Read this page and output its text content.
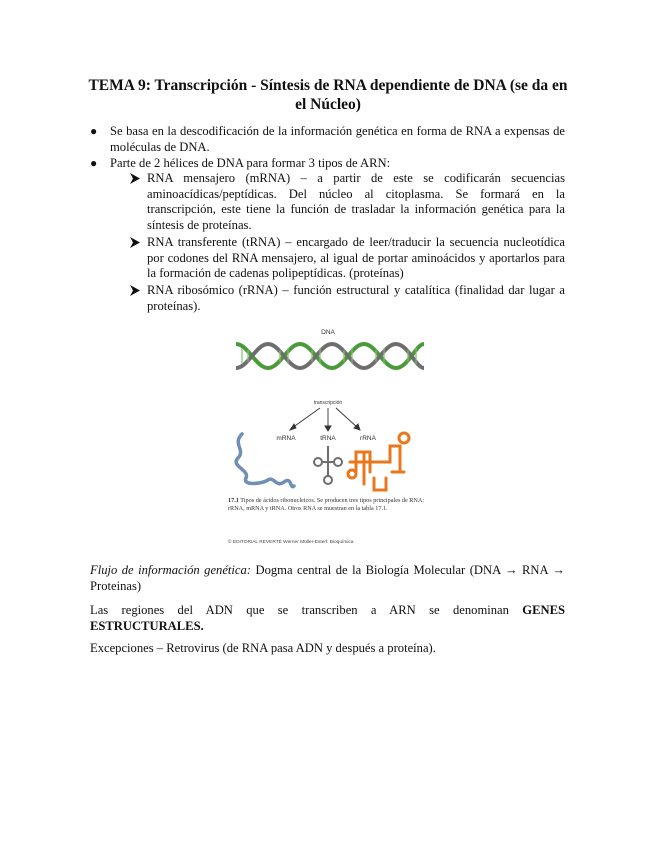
TEMA 9: Transcripción - Síntesis de RNA dependiente de DNA (se da en el Núcleo)
● Se basa en la descodificación de la información genética en forma de RNA a expensas de moléculas de DNA.
● Parte de 2 hélices de DNA para formar 3 tipos de ARN:
RNA mensajero (mRNA) – a partir de este se codificarán secuencias aminoacídicas/peptídicas. Del núcleo al citoplasma. Se formará en la transcripción, este tiene la función de trasladar la información genética para la síntesis de proteínas.
RNA transferente (tRNA) – encargado de leer/traducir la secuencia nucleotídica por codones del RNA mensajero, al igual de portar aminoácidos y aportarlos para la formación de cadenas polipeptídicas. (proteínas)
RNA ribosómico (rRNA) – función estructural y catalítica (finalidad dar lugar a proteínas).
DNA
transcripción
mRNA	tRNA	rRNA
17.1 Tipos de ácidos ribonucleicos. Se producen tres tipos principales de RNA: rRNA, mRNA y tRNA. Otros RNA se muestran en la tabla 17.1.
© EDITORIAL REVERTÉ Werner Müller-Esterl: Bioquímica
Flujo de información genética: Dogma central de la Biología Molecular (DNA → RNA → Proteinas)
Las regiones del ADN que se transcriben a ARN se denominan GENES ESTRUCTURALES.
Excepciones – Retrovirus (de RNA pasa ADN y después a proteína).
